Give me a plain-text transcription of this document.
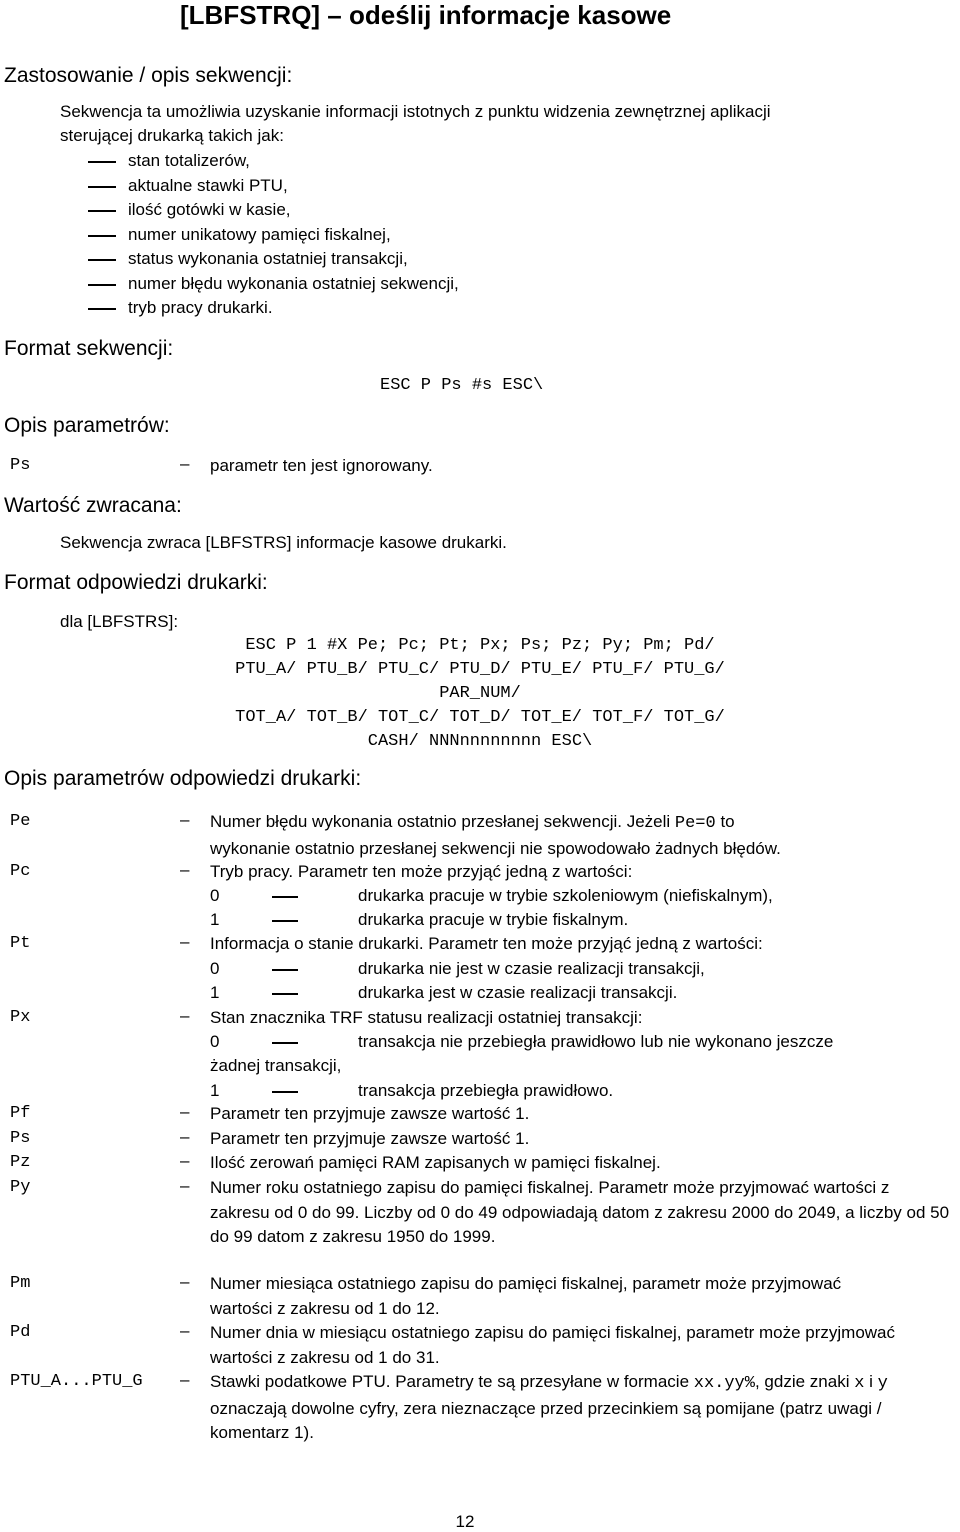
[LBFSTRQ] – odeślij informacje kasowe
Zastosowanie / opis sekwencji:
Sekwencja ta umożliwia uzyskanie informacji istotnych z punktu widzenia zewnętrznej aplikacji
sterującej drukarką takich jak:
stan totalizerów,
aktualne stawki PTU,
ilość gotówki w kasie,
numer unikatowy pamięci fiskalnej,
status wykonania ostatniej transakcji,
numer błędu wykonania ostatniej sekwencji,
tryb pracy drukarki.
Format sekwencji:
ESC P Ps #s ESC\
Opis parametrów:
Ps	– parametr ten jest ignorowany.
Wartość zwracana:
Sekwencja zwraca [LBFSTRS] informacje kasowe drukarki.
Format odpowiedzi drukarki:
dla [LBFSTRS]:
ESC P 1 #X Pe; Pc; Pt; Px; Ps; Pz; Py; Pm; Pd/
PTU_A/ PTU_B/ PTU_C/ PTU_D/ PTU_E/ PTU_F/ PTU_G/
PAR_NUM/
TOT_A/ TOT_B/ TOT_C/ TOT_D/ TOT_E/ TOT_F/ TOT_G/
CASH/ NNNnnnnnnnn ESC\
Opis parametrów odpowiedzi drukarki:
Pe	– Numer błędu wykonania ostatnio przesłanej sekwencji. Jeżeli Pe=0 to
wykonanie ostatnio przesłanej sekwencji nie spowodowało żadnych błędów.
Pc	– Tryb pracy. Parametr ten może przyjąć jedną z wartości:
0	drukarka pracuje w trybie szkoleniowym (niefiskalnym),
1	drukarka pracuje w trybie fiskalnym.
Pt	– Informacja o stanie drukarki. Parametr ten może przyjąć jedną z wartości:
0	drukarka nie jest w czasie realizacji transakcji,
1	drukarka jest w czasie realizacji transakcji.
Px	– Stan znacznika TRF statusu realizacji ostatniej transakcji:
0	transakcja nie przebiegła prawidłowo lub nie wykonano jeszcze
żadnej transakcji,
1	transakcja przebiegła prawidłowo.
Pf	– Parametr ten przyjmuje zawsze wartość 1.
Ps	– Parametr ten przyjmuje zawsze wartość 1.
Pz	– Ilość zerowań pamięci RAM zapisanych w pamięci fiskalnej.
Py	– Numer roku ostatniego zapisu do pamięci fiskalnej. Parametr może przyjmować wartości z zakresu od 0 do 99. Liczby od 0 do 49 odpowiadają datom z zakresu 2000 do 2049, a liczby od 50 do 99 datom z zakresu 1950 do 1999.
Pm	– Numer miesiąca ostatniego zapisu do pamięci fiskalnej, parametr może przyjmować wartości z zakresu od 1 do 12.
Pd	– Numer dnia w miesiącu ostatniego zapisu do pamięci fiskalnej, parametr może przyjmować wartości z zakresu od 1 do 31.
PTU_A...PTU_G – Stawki podatkowe PTU. Parametry te są przesyłane w formacie xx.yy%, gdzie znaki x i y oznaczają dowolne cyfry, zera nieznaczące przed przecinkiem są pomijane (patrz uwagi / komentarz 1).
12
